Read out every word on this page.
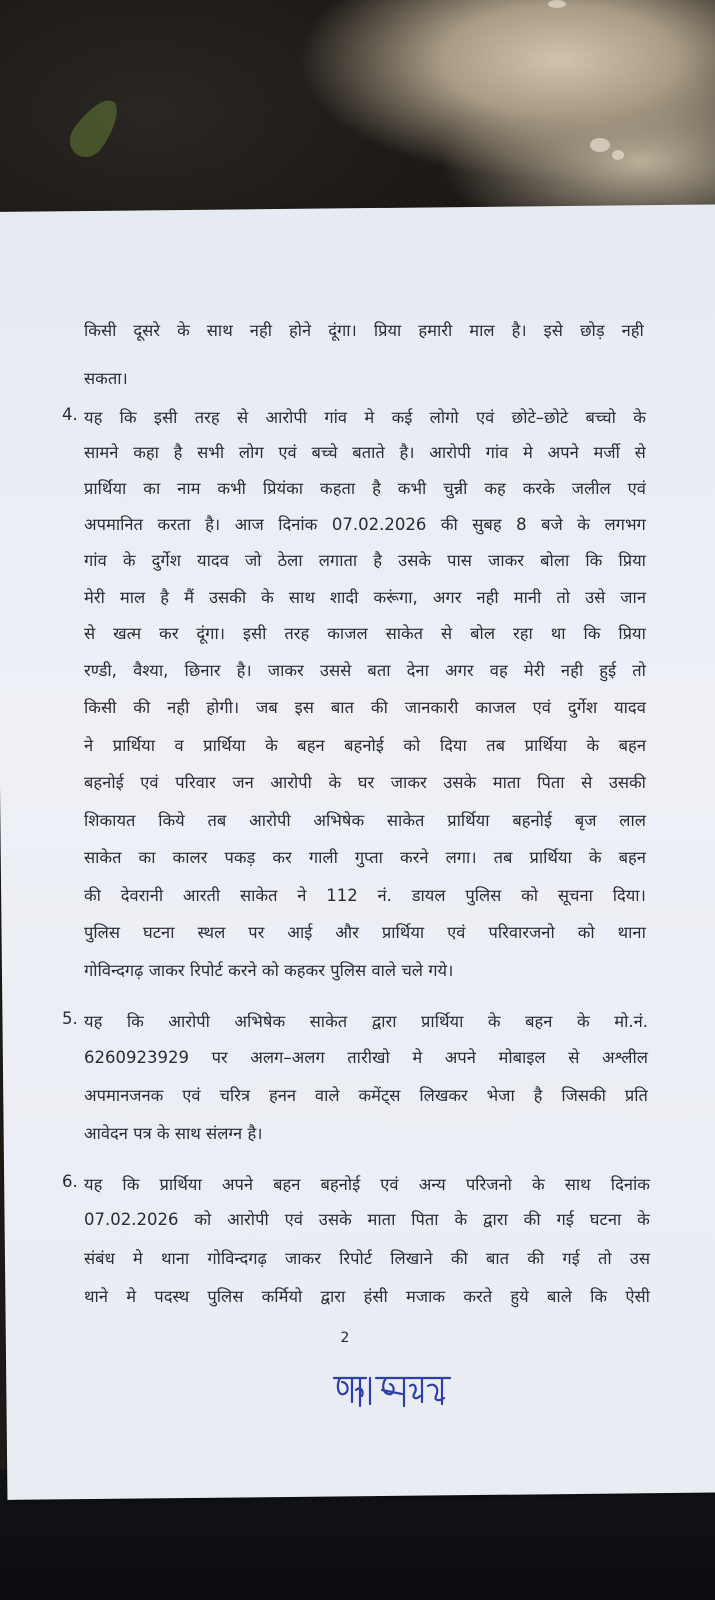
किसी दूसरे के साथ नही होने दूंगा। प्रिया हमारी माल है। इसे छोड़ नही
सकता।
4. यह कि इसी तरह से आरोपी गांव मे कई लोगो एवं छोटे–छोटे बच्चो के
सामने कहा है सभी लोग एवं बच्चे बताते है। आरोपी गांव मे अपने मर्जी से
प्रार्थिया का नाम कभी प्रियंका कहता है कभी चुन्नी कह करके जलील एवं
अपमानित करता है। आज दिनांक 07.02.2026 की सुबह 8 बजे के लगभग
गांव के दुर्गेश यादव जो ठेला लगाता है उसके पास जाकर बोला कि प्रिया
मेरी माल है मैं उसकी के साथ शादी करूंगा, अगर नही मानी तो उसे जान
से खत्म कर दूंगा। इसी तरह काजल साकेत से बोल रहा था कि प्रिया
रण्डी, वैश्या, छिनार है। जाकर उससे बता देना अगर वह मेरी नही हुई तो
किसी की नही होगी। जब इस बात की जानकारी काजल एवं दुर्गेश यादव
ने प्रार्थिया व प्रार्थिया के बहन बहनोई को दिया तब प्रार्थिया के बहन
बहनोई एवं परिवार जन आरोपी के घर जाकर उसके माता पिता से उसकी
शिकायत किये तब आरोपी अभिषेक साकेत प्रार्थिया बहनोई बृज लाल
साकेत का कालर पकड़ कर गाली गुप्ता करने लगा। तब प्रार्थिया के बहन
की देवरानी आरती साकेत ने 112 नं. डायल पुलिस को सूचना दिया।
पुलिस घटना स्थल पर आई और प्रार्थिया एवं परिवारजनो को थाना
गोविन्दगढ़ जाकर रिपोर्ट करने को कहकर पुलिस वाले चले गये।
5. यह कि आरोपी अभिषेक साकेत द्वारा प्रार्थिया के बहन के मो.नं.
6260923929 पर अलग–अलग तारीखो मे अपने मोबाइल से अश्लील
अपमानजनक एवं चरित्र हनन वाले कमेंट्स लिखकर भेजा है जिसकी प्रति
आवेदन पत्र के साथ संलग्न है।
6. यह कि प्रार्थिया अपने बहन बहनोई एवं अन्य परिजनो के साथ दिनांक
07.02.2026 को आरोपी एवं उसके माता पिता के द्वारा की गई घटना के
संबंध मे थाना गोविन्दगढ़ जाकर रिपोर्ट लिखाने की बात की गई तो उस
थाने मे पदस्थ पुलिस कर्मियो द्वारा हंसी मजाक करते हुये बाले कि ऐसी
2
